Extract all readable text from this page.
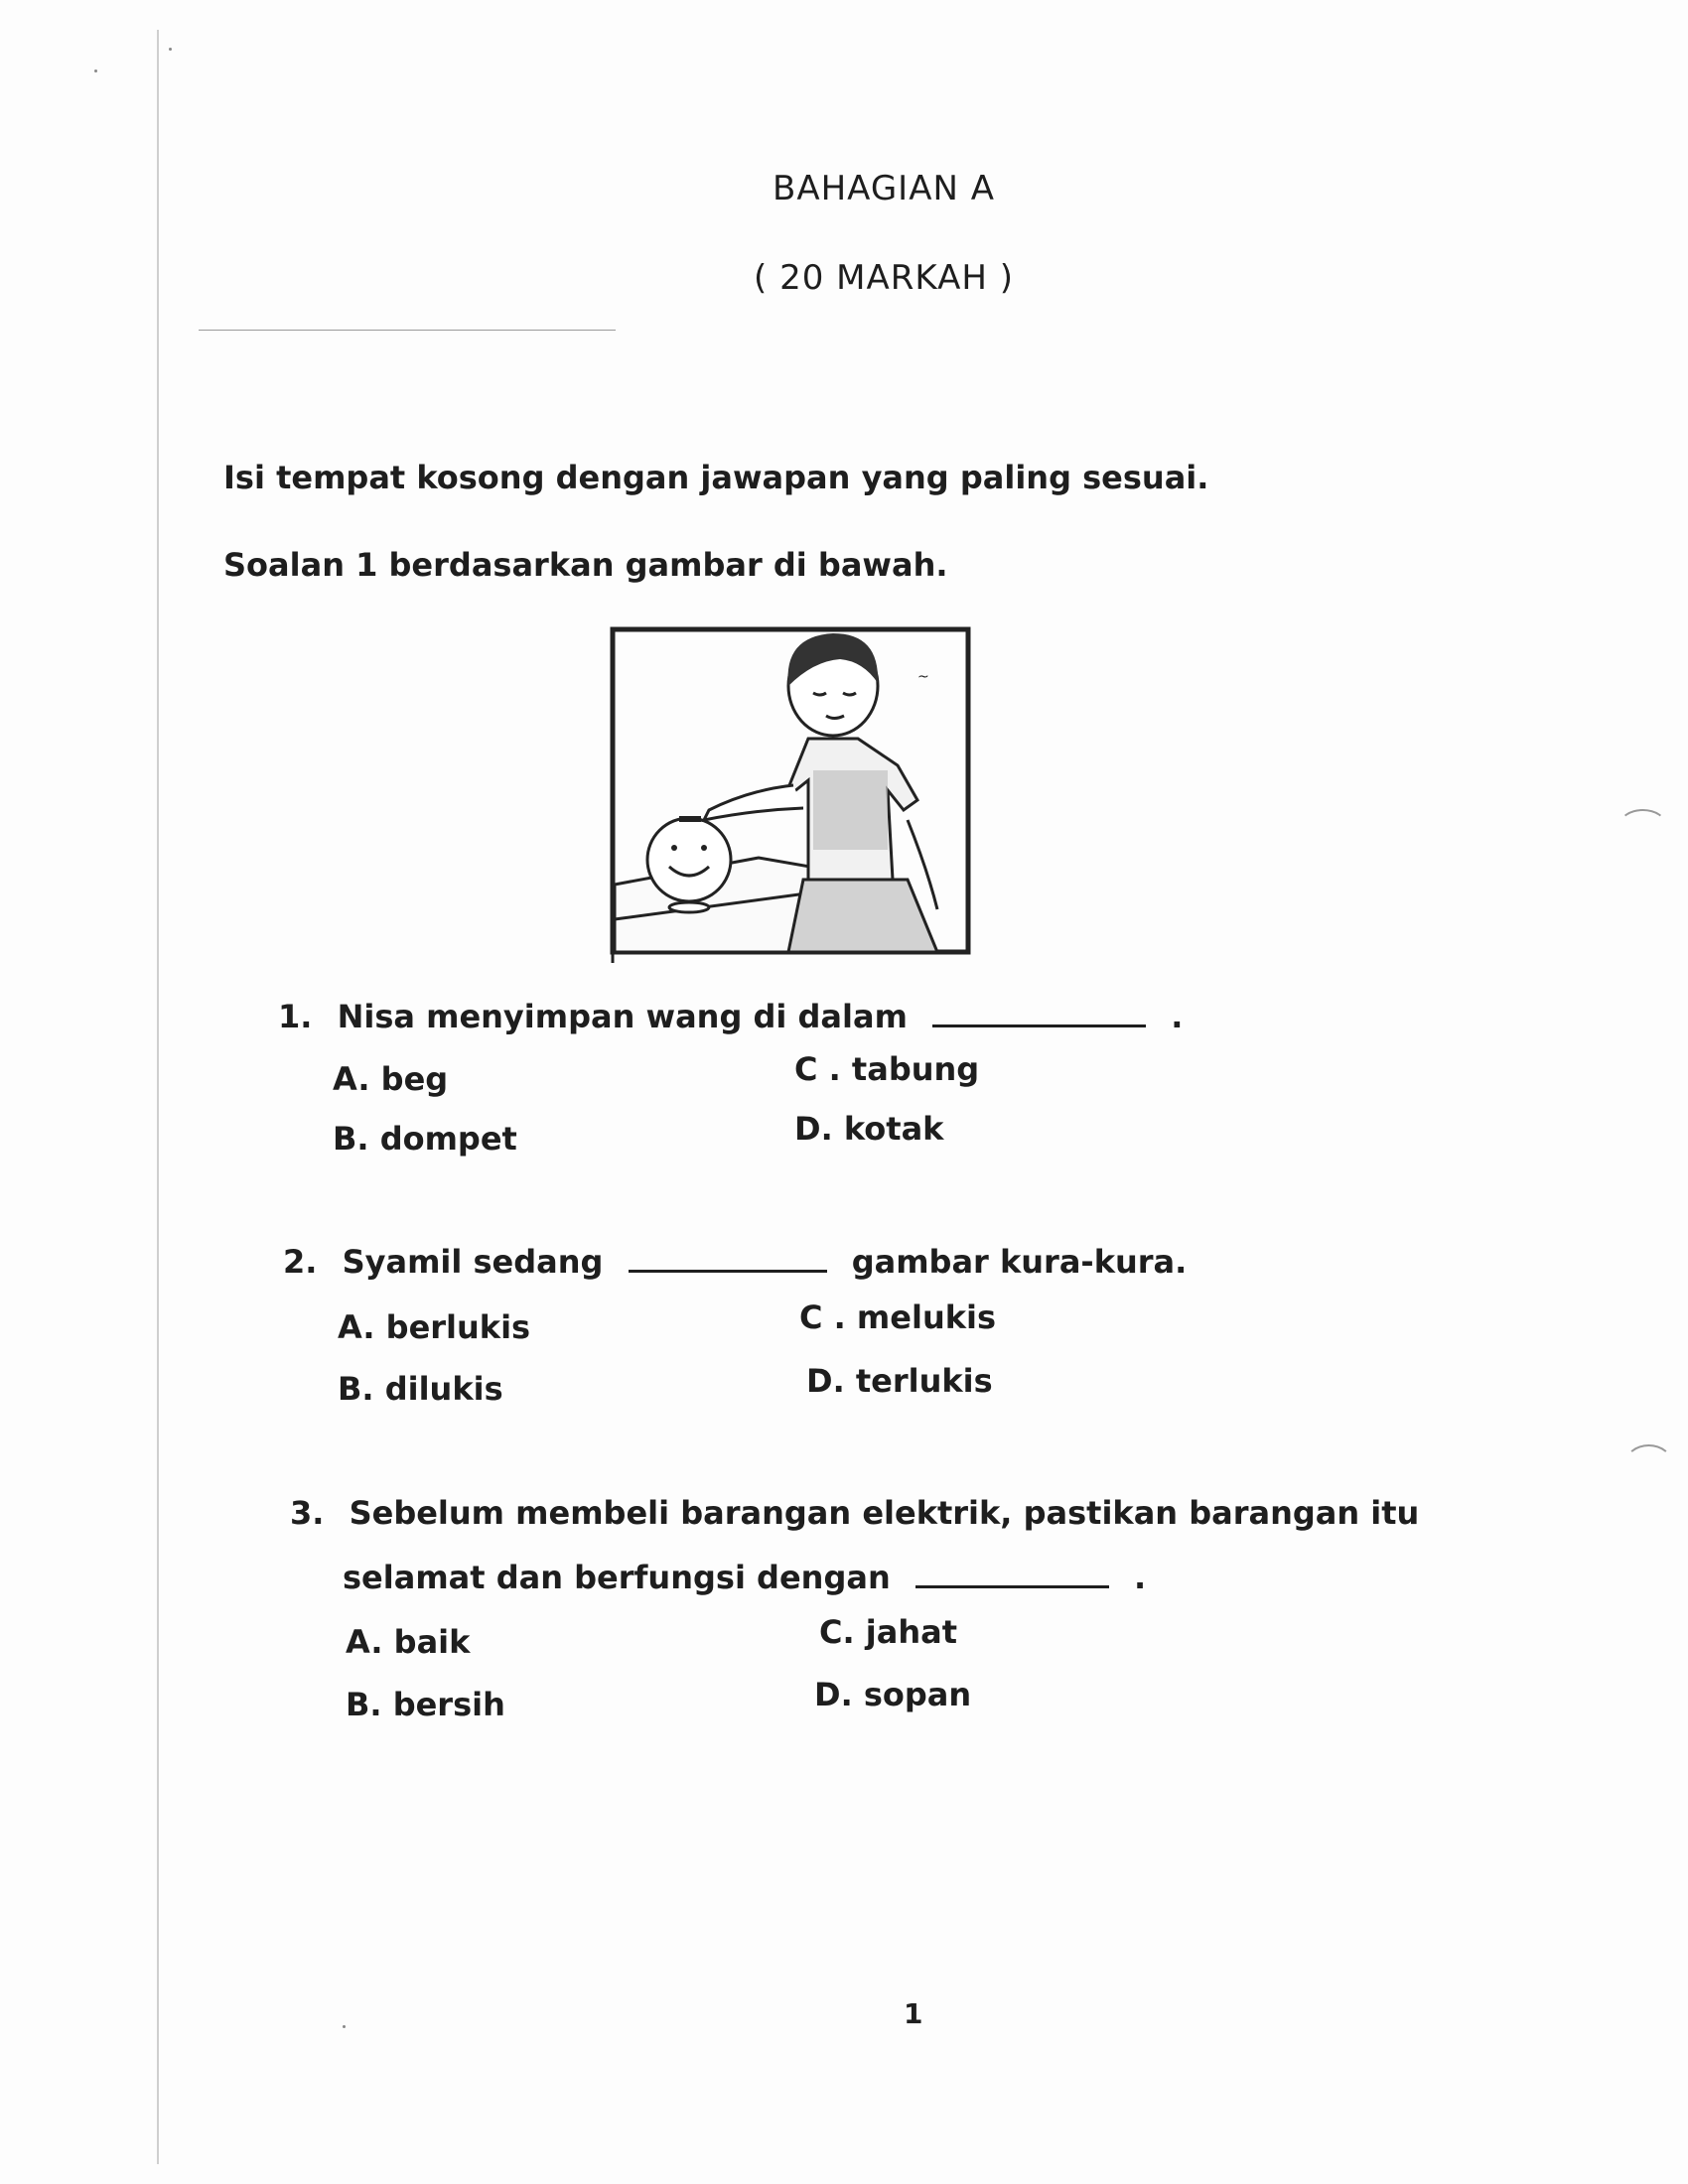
BAHAGIAN A
( 20 MARKAH )
Isi tempat kosong dengan jawapan yang paling sesuai.
Soalan 1 berdasarkan gambar di bawah.
~
1. Nisa menyimpan wang di dalam	.
A. beg
B. dompet
C . tabung
D. kotak
2. Syamil sedang	gambar kura-kura.
A. berlukis
B. dilukis
C . melukis
D. terlukis
3. Sebelum membeli barangan elektrik, pastikan barangan itu
selamat dan berfungsi dengan	.
A. baik
B. bersih
C. jahat
D. sopan
1
